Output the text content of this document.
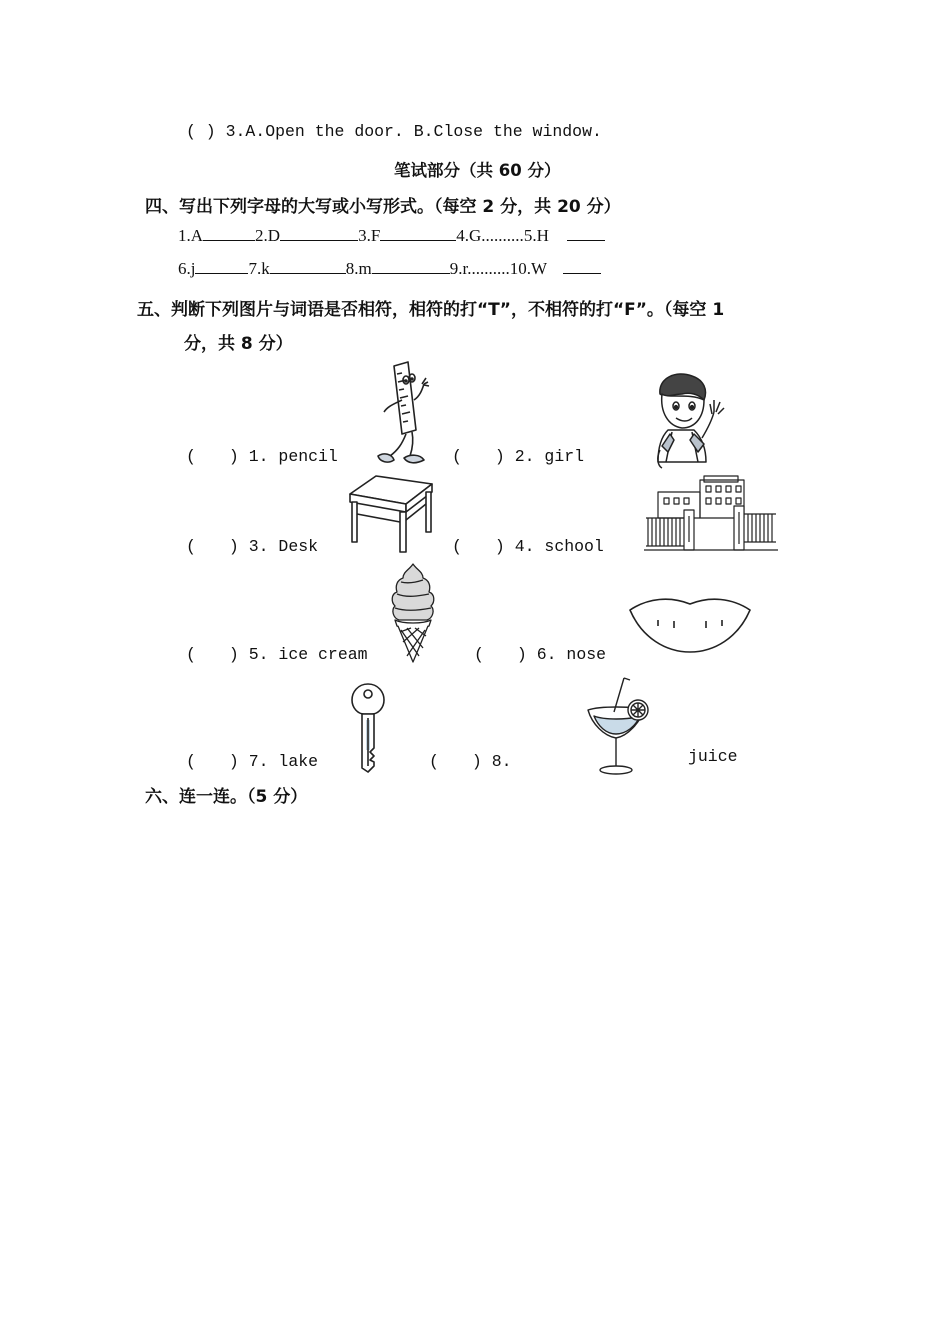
( ) 3.A.Open the door. B.Close the window.
笔试部分（共 60 分）
四、写出下列字母的大写或小写形式。（每空 2 分，共 20 分）
1.A	2.D	3.F	4.G..........5.H
6.j	7.k	8.m	9.r..........10.W
五、判断下列图片与词语是否相符，相符的打“T”，不相符的打“F”。（每空 1
分，共 8 分）
(　　) 1. pencil	(　　) 2. girl
(　　) 3. Desk	(　　) 4. school
(　　) 5. ice cream	(　　) 6. nose
(　　) 7. lake	(　　) 8.	juice
六、连一连。（5 分）
